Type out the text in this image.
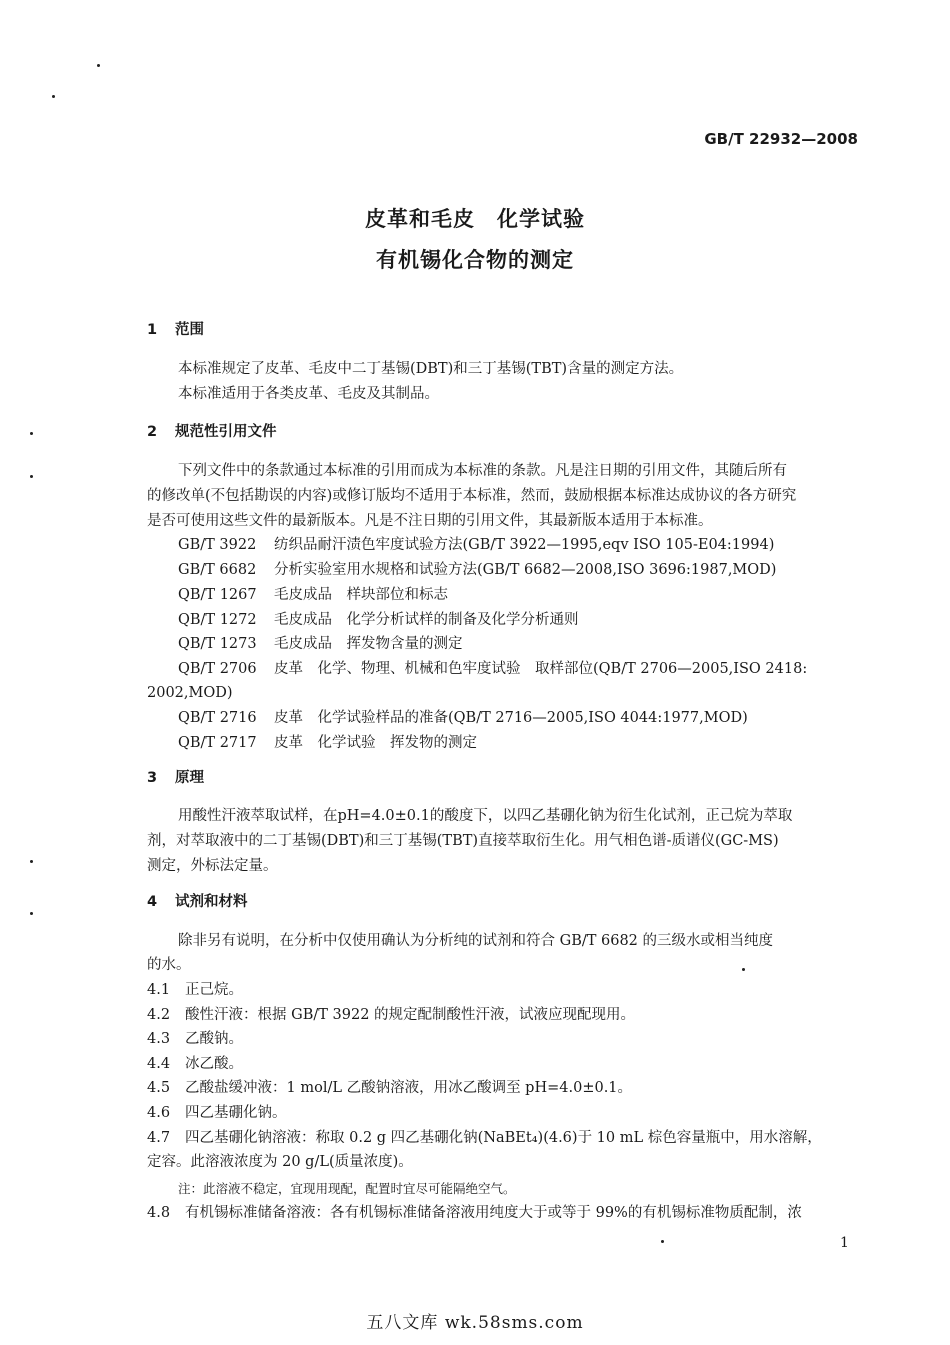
GB/T 22932—2008
皮革和毛皮 化学试验
有机锡化合物的测定
1 范围
本标准规定了皮革、毛皮中二丁基锡(DBT)和三丁基锡(TBT)含量的测定方法。
本标准适用于各类皮革、毛皮及其制品。
2 规范性引用文件
下列文件中的条款通过本标准的引用而成为本标准的条款。凡是注日期的引用文件，其随后所有
的修改单(不包括勘误的内容)或修订版均不适用于本标准，然而，鼓励根据本标准达成协议的各方研究
是否可使用这些文件的最新版本。凡是不注日期的引用文件，其最新版本适用于本标准。
GB/T 3922 纺织品耐汗渍色牢度试验方法(GB/T 3922—1995,eqv ISO 105-E04:1994)
GB/T 6682 分析实验室用水规格和试验方法(GB/T 6682—2008,ISO 3696:1987,MOD)
QB/T 1267 毛皮成品　样块部位和标志
QB/T 1272 毛皮成品　化学分析试样的制备及化学分析通则
QB/T 1273 毛皮成品　挥发物含量的测定
QB/T 2706 皮革　化学、物理、机械和色牢度试验　取样部位(QB/T 2706—2005,ISO 2418:
2002,MOD)
QB/T 2716 皮革　化学试验样品的准备(QB/T 2716—2005,ISO 4044:1977,MOD)
QB/T 2717 皮革　化学试验　挥发物的测定
3 原理
用酸性汗液萃取试样，在pH=4.0±0.1的酸度下，以四乙基硼化钠为衍生化试剂，正己烷为萃取
剂，对萃取液中的二丁基锡(DBT)和三丁基锡(TBT)直接萃取衍生化。用气相色谱-质谱仪(GC-MS)
测定，外标法定量。
4 试剂和材料
除非另有说明，在分析中仅使用确认为分析纯的试剂和符合 GB/T 6682 的三级水或相当纯度
的水。
4.1 正己烷。
4.2 酸性汗液：根据 GB/T 3922 的规定配制酸性汗液，试液应现配现用。
4.3 乙酸钠。
4.4 冰乙酸。
4.5 乙酸盐缓冲液：1 mol/L 乙酸钠溶液，用冰乙酸调至 pH=4.0±0.1。
4.6 四乙基硼化钠。
4.7 四乙基硼化钠溶液：称取 0.2 g 四乙基硼化钠(NaBEt₄)(4.6)于 10 mL 棕色容量瓶中，用水溶解，
定容。此溶液浓度为 20 g/L(质量浓度)。
注：此溶液不稳定，宜现用现配，配置时宜尽可能隔绝空气。
4.8 有机锡标准储备溶液：各有机锡标准储备溶液用纯度大于或等于 99%的有机锡标准物质配制，浓
1
五八文库 wk.58sms.com
